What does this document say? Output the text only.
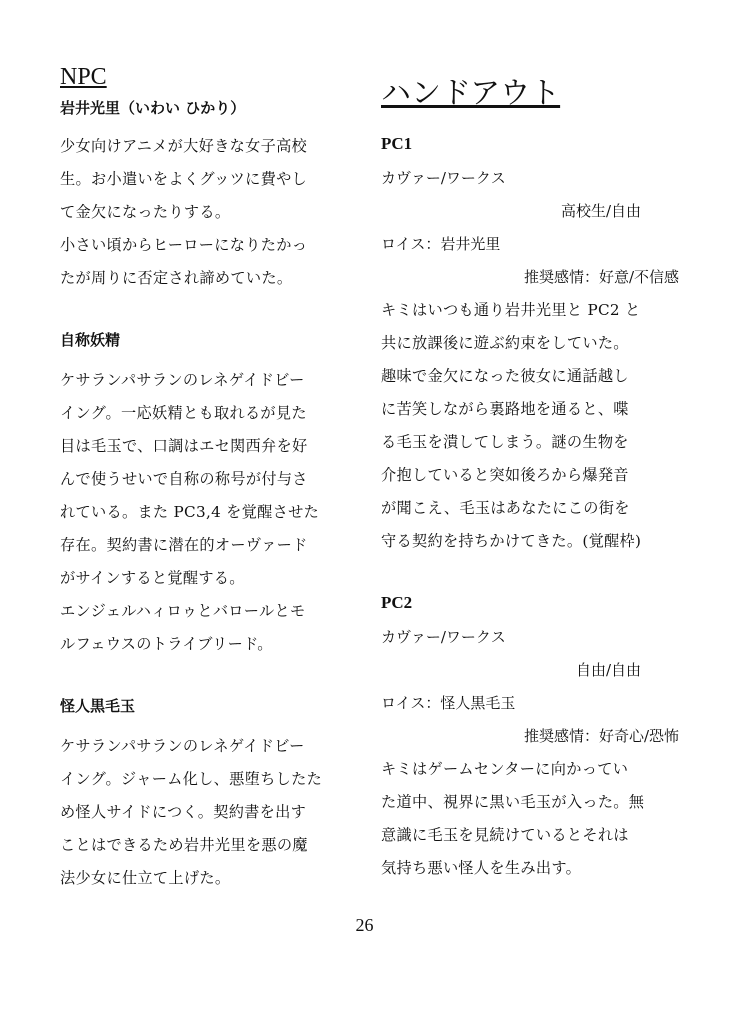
NPC
岩井光里（いわい ひかり）
少女向けアニメが大好きな女子高校
生。お小遣いをよくグッツに費やし
て金欠になったりする。
小さい頃からヒーローになりたかっ
たが周りに否定され諦めていた。
自称妖精
ケサランパサランのレネゲイドビー
イング。一応妖精とも取れるが見た
目は毛玉で、口調はエセ関西弁を好
んで使うせいで自称の称号が付与さ
れている。また PC3,4 を覚醒させた
存在。契約書に潜在的オーヴァード
がサインすると覚醒する。
エンジェルハィロゥとバロールとモ
ルフェウスのトライブリード。
怪人黒毛玉
ケサランパサランのレネゲイドビー
イング。ジャーム化し、悪堕ちしたた
め怪人サイドにつく。契約書を出す
ことはできるため岩井光里を悪の魔
法少女に仕立て上げた。
ハンドアウト
PC1
カヴァー/ワークス
高校生/自由
ロイス：岩井光里
推奨感情：好意/不信感
キミはいつも通り岩井光里と PC2 と
共に放課後に遊ぶ約束をしていた。
趣味で金欠になった彼女に通話越し
に苦笑しながら裏路地を通ると、喋
る毛玉を潰してしまう。謎の生物を
介抱していると突如後ろから爆発音
が聞こえ、毛玉はあなたにこの街を
守る契約を持ちかけてきた。(覚醒枠)
PC2
カヴァー/ワークス
自由/自由
ロイス：怪人黒毛玉
推奨感情：好奇心/恐怖
キミはゲームセンターに向かってい
た道中、視界に黒い毛玉が入った。無
意識に毛玉を見続けているとそれは
気持ち悪い怪人を生み出す。
26
